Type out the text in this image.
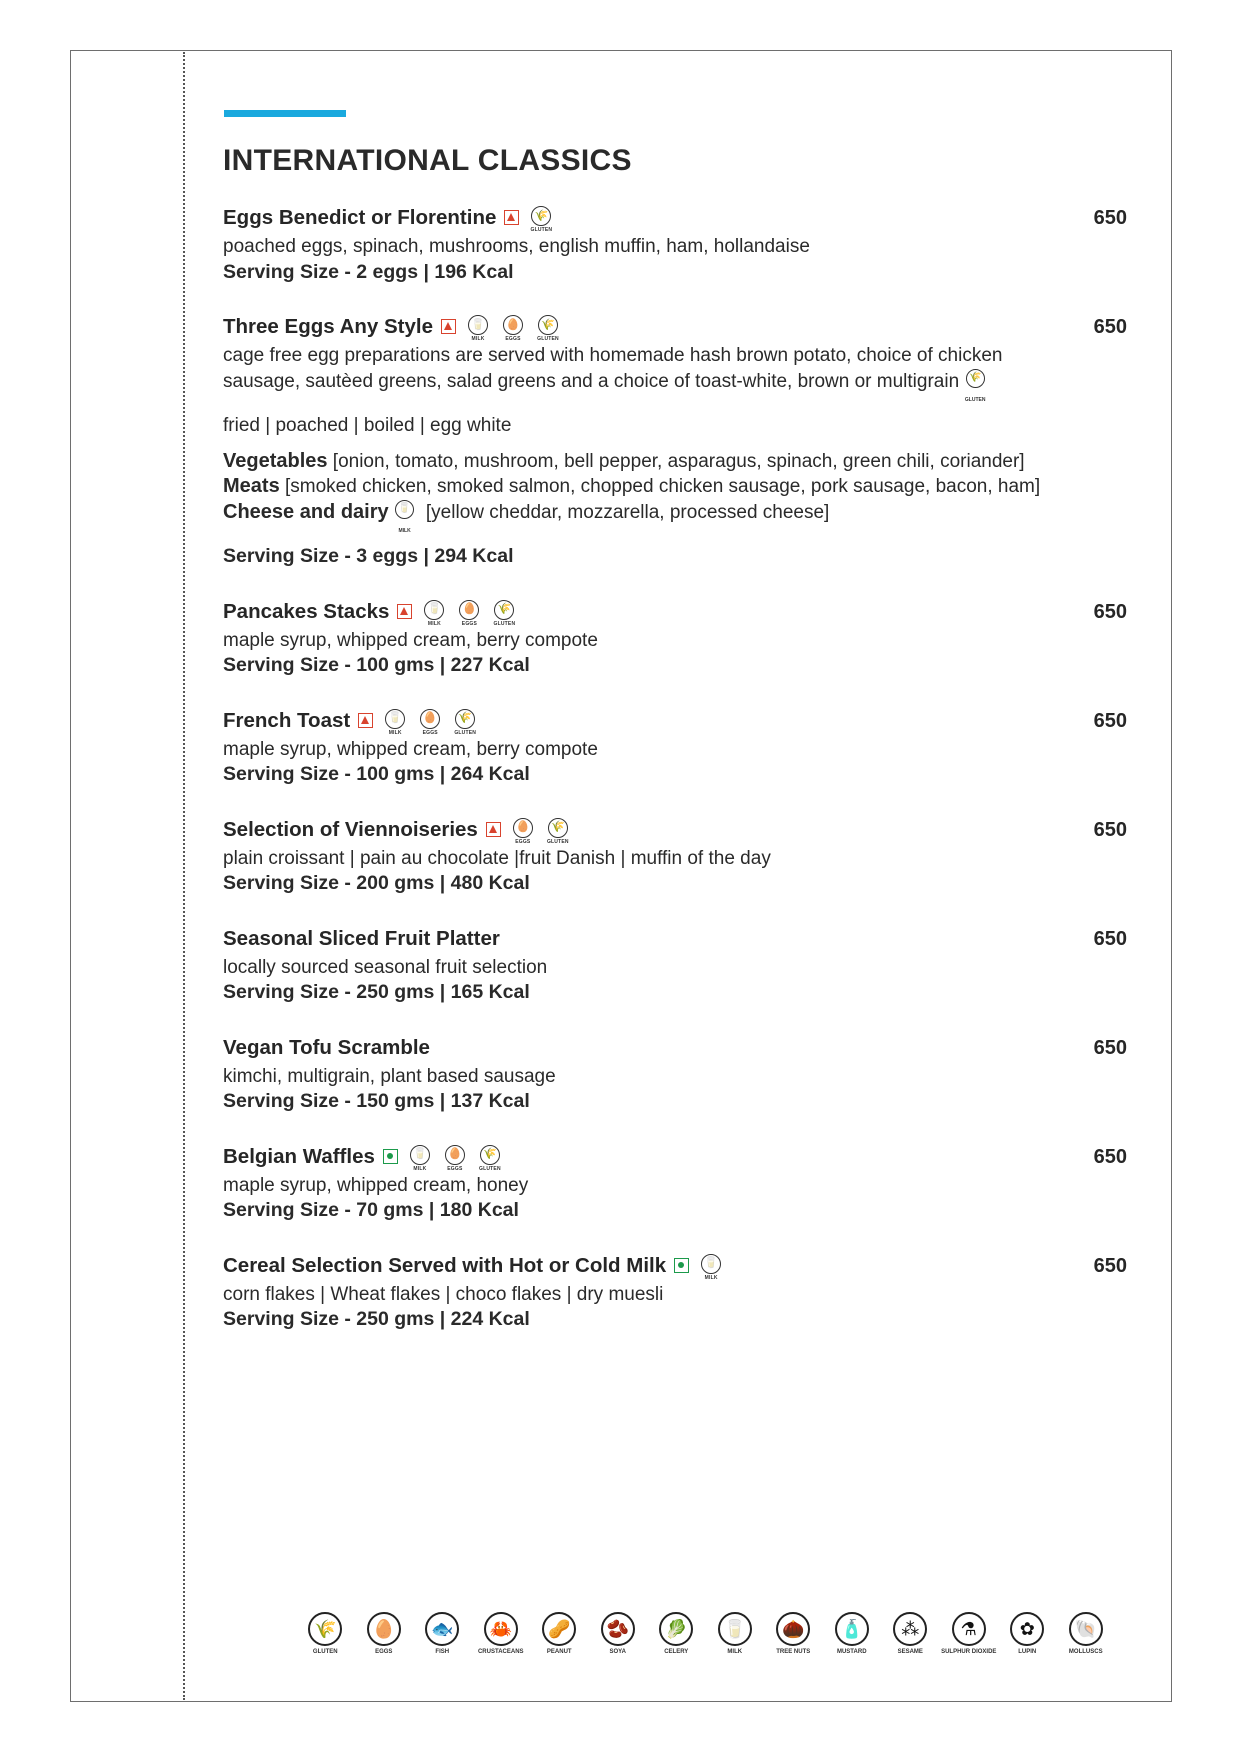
INTERNATIONAL CLASSICS
Eggs Benedict or Florentine	🌾
GLUTEN
650
poached eggs, spinach, mushrooms, english muffin, ham, hollandaise
Serving Size - 2 eggs | 196 Kcal
Three Eggs Any Style	🥛
MILK
🥚
EGGS
🌾
GLUTEN
650
cage free egg preparations are served with homemade hash brown potato, choice of chicken
sausage, sautèed greens, salad greens and a choice of toast-white, brown or multigrain 🌾
GLUTEN
fried | poached | boiled | egg white
Vegetables [onion, tomato, mushroom, bell pepper, asparagus, spinach, green chili, coriander]
Meats [smoked chicken, smoked salmon, chopped chicken sausage, pork sausage, bacon, ham]
Cheese and dairy 🥛
MILK
[yellow cheddar, mozzarella, processed cheese]
Serving Size - 3 eggs | 294 Kcal
Pancakes Stacks	🥛
MILK
🥚
EGGS
🌾
GLUTEN
650
maple syrup, whipped cream, berry compote
Serving Size - 100 gms | 227 Kcal
French Toast	🥛
MILK
🥚
EGGS
🌾
GLUTEN
650
maple syrup, whipped cream, berry compote
Serving Size - 100 gms | 264 Kcal
Selection of Viennoiseries	🥚
EGGS
🌾
GLUTEN
650
plain croissant | pain au chocolate |fruit Danish | muffin of the day
Serving Size - 200 gms | 480 Kcal
Seasonal Sliced Fruit Platter	650
locally sourced seasonal fruit selection
Serving Size - 250 gms | 165 Kcal
Vegan Tofu Scramble	650
kimchi, multigrain, plant based sausage
Serving Size - 150 gms | 137 Kcal
Belgian Waffles	🥛
MILK
🥚
EGGS
🌾
GLUTEN
650
maple syrup, whipped cream, honey
Serving Size - 70 gms | 180 Kcal
Cereal Selection Served with Hot or Cold Milk	🥛
MILK
650
corn flakes | Wheat flakes | choco flakes | dry muesli
Serving Size - 250 gms | 224 Kcal
🌾
GLUTEN
🥚
EGGS
🐟
FISH
🦀
CRUSTACEANS
🥜
PEANUT
🫘
SOYA
🥬
CELERY
🥛
MILK
🌰
TREE NUTS
🧴
MUSTARD
⁂
SESAME
⚗
SULPHUR DIOXIDE
✿
LUPIN
🐚
MOLLUSCS
